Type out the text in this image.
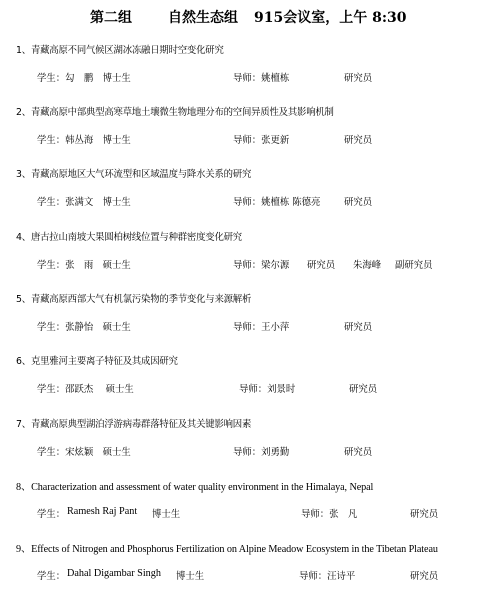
第二组	自然生态组 915会议室，上午 8:30
1、青藏高原不同气候区湖冰冻融日期时空变化研究
学生：勾　鹏　博士生	导师：姚檀栋	研究员
2、青藏高原中部典型高寒草地土壤微生物地理分布的空间异质性及其影响机制
学生：韩丛海　博士生	导师：张更新	研究员
3、青藏高原地区大气环流型和区域温度与降水关系的研究
学生：张满文　博士生	导师：姚檀栋 陈德亮	研究员
4、唐古拉山南坡大果圆柏树线位置与种群密度变化研究
学生：张　雨　硕士生	导师：梁尔源 研究员 朱海峰 副研究员
5、青藏高原西部大气有机氯污染物的季节变化与来源解析
学生：张静怡　硕士生	导师：王小萍	研究员
6、克里雅河主要离子特征及其成因研究
学生：邵跃杰　 硕士生	导师：刘景时	研究员
7、青藏高原典型湖泊浮游病毒群落特征及其关键影响因素
学生：宋炫颖　硕士生	导师：刘勇勤	研究员
8、Characterization and assessment of water quality environment in the Himalaya, Nepal
学生： Ramesh Raj Pant 博士生	导师：张　凡	研究员
9、Effects of Nitrogen and Phosphorus Fertilization on Alpine Meadow Ecosystem in the Tibetan Plateau
学生： Dahal Digambar Singh 博士生	导师：汪诗平	研究员
